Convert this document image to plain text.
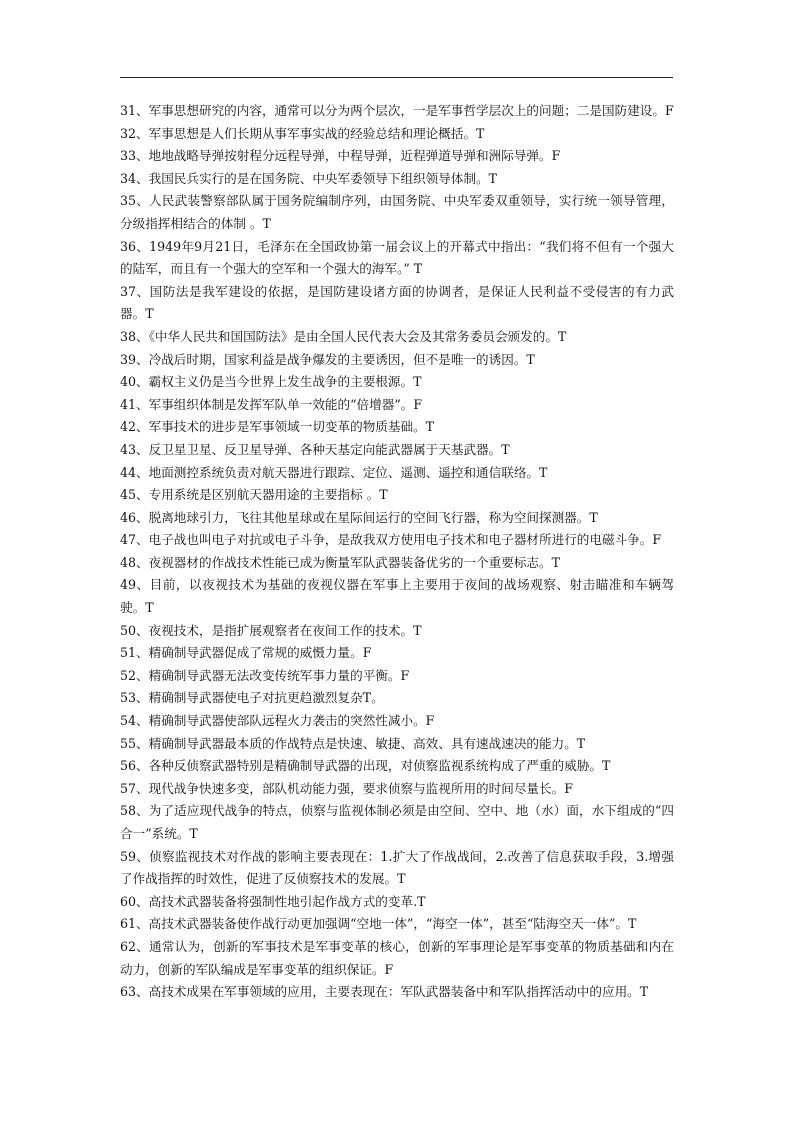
31、军事思想研究的内容，通常可以分为两个层次，一是军事哲学层次上的问题；二是国防建设。F

32、军事思想是人们长期从事军事实战的经验总结和理论概括。T

33、地地战略导弹按射程分远程导弹，中程导弹，近程弹道导弹和洲际导弹。F

34、我国民兵实行的是在国务院、中央军委领导下组织领导体制。T

35、人民武装警察部队属于国务院编制序列，由国务院、中央军委双重领导，实行统一领导管理，分级指挥相结合的体制 。T

36、1949年9月21日，毛泽东在全国政协第一届会议上的开幕式中指出：“我们将不但有一个强大的陆军，而且有一个强大的空军和一个强大的海军。” T

37、国防法是我军建设的依据，是国防建设诸方面的协调者，是保证人民利益不受侵害的有力武器。T

38、《中华人民共和国国防法》是由全国人民代表大会及其常务委员会颁发的。T

39、冷战后时期，国家利益是战争爆发的主要诱因，但不是唯一的诱因。T

40、霸权主义仍是当今世界上发生战争的主要根源。T

41、军事组织体制是发挥军队单一效能的“倍增器”。F

42、军事技术的进步是军事领域一切变革的物质基础。T

43、反卫星卫星、反卫星导弹、各种天基定向能武器属于天基武器。T

44、地面测控系统负责对航天器进行跟踪、定位、遥测、遥控和通信联络。T

45、专用系统是区别航天器用途的主要指标 。T

46、脱离地球引力，飞往其他星球或在星际间运行的空间飞行器，称为空间探测器。T

47、电子战也叫电子对抗或电子斗争，是敌我双方使用电子技术和电子器材所进行的电磁斗争。F

48、夜视器材的作战技术性能已成为衡量军队武器装备优劣的一个重要标志。T

49、目前，以夜视技术为基础的夜视仪器在军事上主要用于夜间的战场观察、射击瞄准和车辆驾驶。T

50、夜视技术，是指扩展观察者在夜间工作的技术。T

51、精确制导武器促成了常规的威慑力量。F

52、精确制导武器无法改变传统军事力量的平衡。F

53、精确制导武器使电子对抗更趋激烈复杂T。

54、精确制导武器使部队远程火力袭击的突然性减小。F

55、精确制导武器最本质的作战特点是快速、敏捷、高效、具有速战速决的能力。T

56、各种反侦察武器特别是精确制导武器的出现，对侦察监视系统构成了严重的威胁。T

57、现代战争快速多变，部队机动能力强，要求侦察与监视所用的时间尽量长。F

58、为了适应现代战争的特点，侦察与监视体制必须是由空间、空中、地（水）面，水下组成的“四合一”系统。T

59、侦察监视技术对作战的影响主要表现在：1.扩大了作战战间，2.改善了信息获取手段，3.增强了作战指挥的时效性，促进了反侦察技术的发展。T

60、高技术武器装备将强制性地引起作战方式的变革.T

61、高技术武器装备使作战行动更加强调“空地一体”，“海空一体”，甚至“陆海空天一体”。T

62、通常认为，创新的军事技术是军事变革的核心，创新的军事理论是军事变革的物质基础和内在动力，创新的军队编成是军事变革的组织保证。F

63、高技术成果在军事领域的应用，主要表现在：军队武器装备中和军队指挥活动中的应用。T
